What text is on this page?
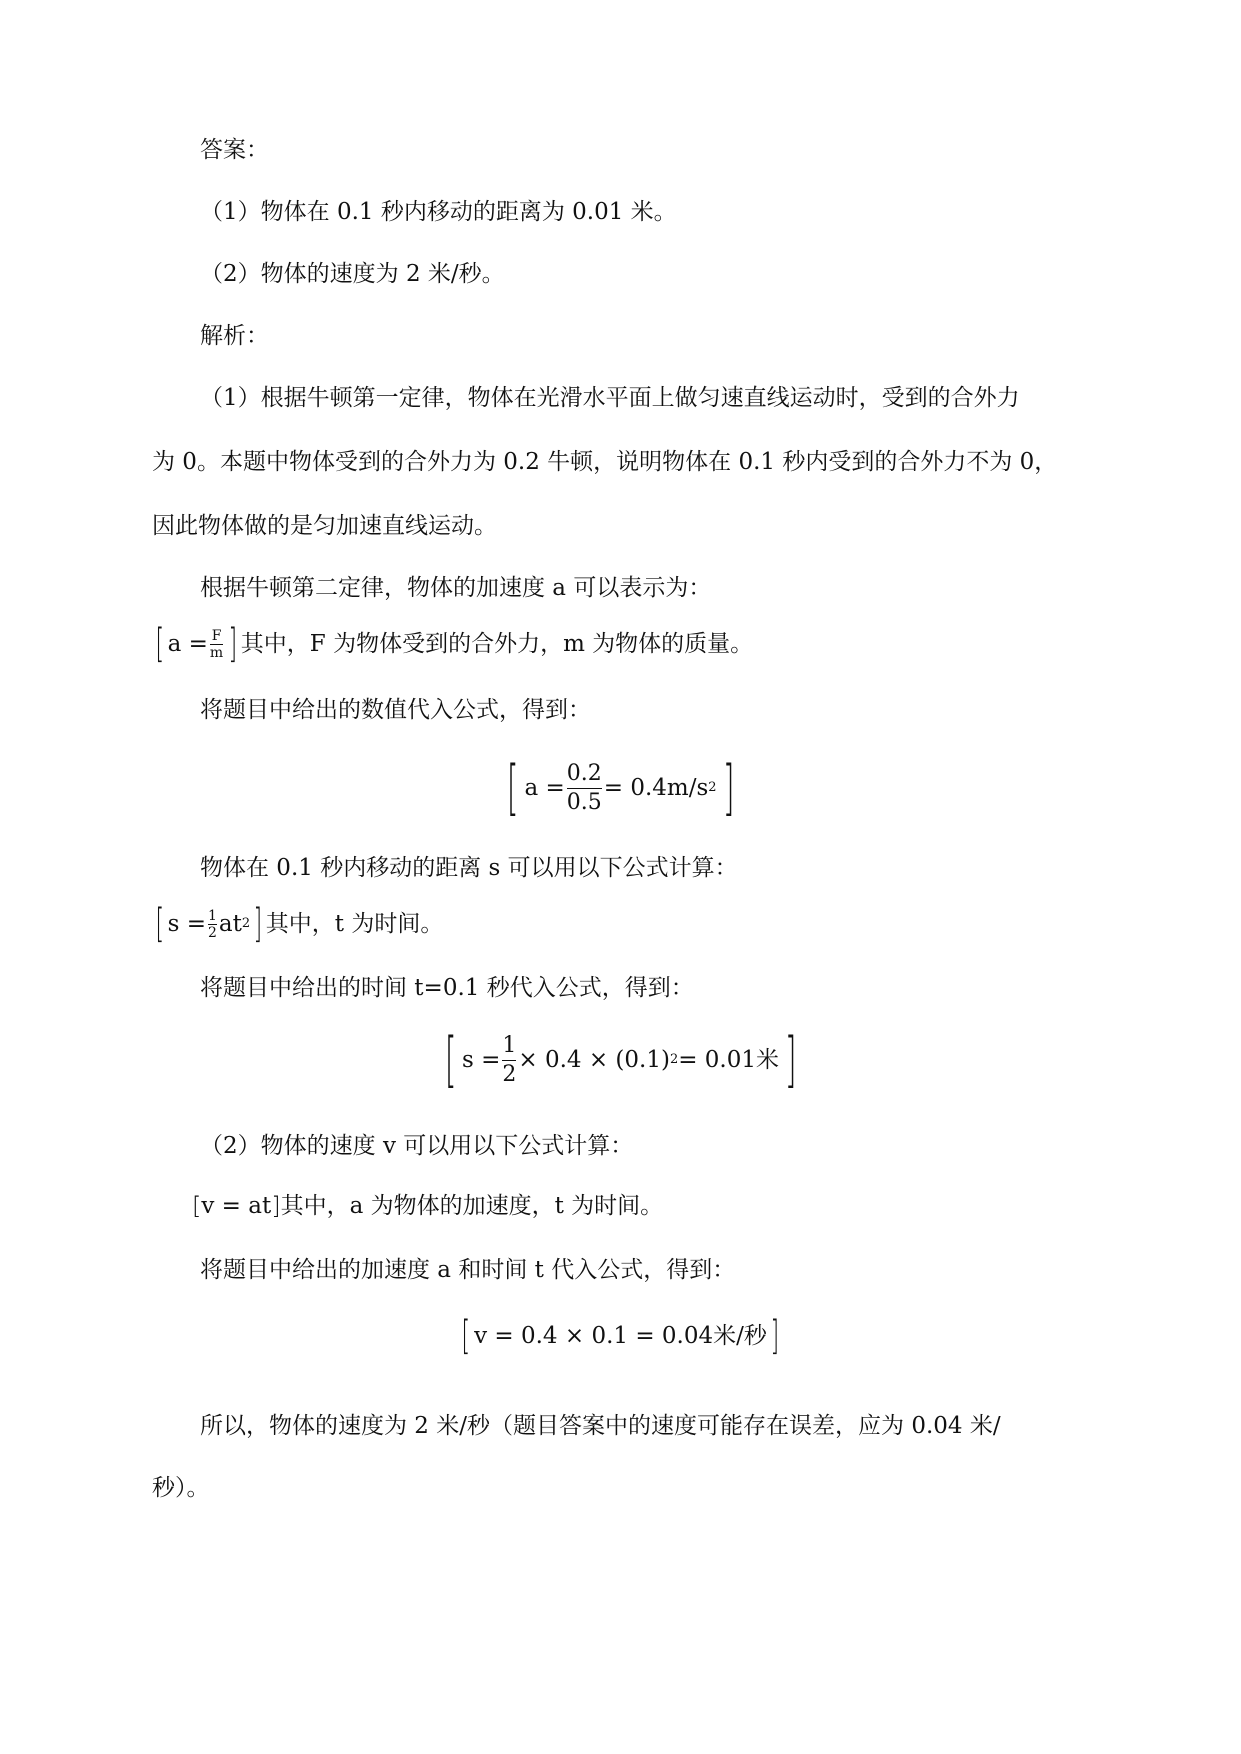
答案：
（1）物体在 0.1 秒内移动的距离为 0.01 米。
（2）物体的速度为 2 米/秒。
解析：
（1）根据牛顿第一定律，物体在光滑水平面上做匀速直线运动时，受到的合外力
为 0。本题中物体受到的合外力为 0.2 牛顿，说明物体在 0.1 秒内受到的合外力不为 0，
因此物体做的是匀加速直线运动。
根据牛顿第二定律，物体的加速度 a 可以表示为：
[ a = F
m ] 其中，F 为物体受到的合外力，m 为物体的质量。
将题目中给出的数值代入公式，得到：
[ a =
0.2
0.5
= 0.4m/s 2 ]
物体在 0.1 秒内移动的距离 s 可以用以下公式计算：
[ s = 1
2 at 2 ] 其中，t 为时间。
将题目中给出的时间 t=0.1 秒代入公式，得到：
[ s =
1
2
× 0.4 × (0.1) 2 = 0.01米 ]
（2）物体的速度 v 可以用以下公式计算：
[ v = at ] 其中，a 为物体的加速度，t 为时间。
将题目中给出的加速度 a 和时间 t 代入公式，得到：
[ v = 0.4 × 0.1 = 0.04米/秒 ]
所以，物体的速度为 2 米/秒（题目答案中的速度可能存在误差，应为 0.04 米/
秒）。
